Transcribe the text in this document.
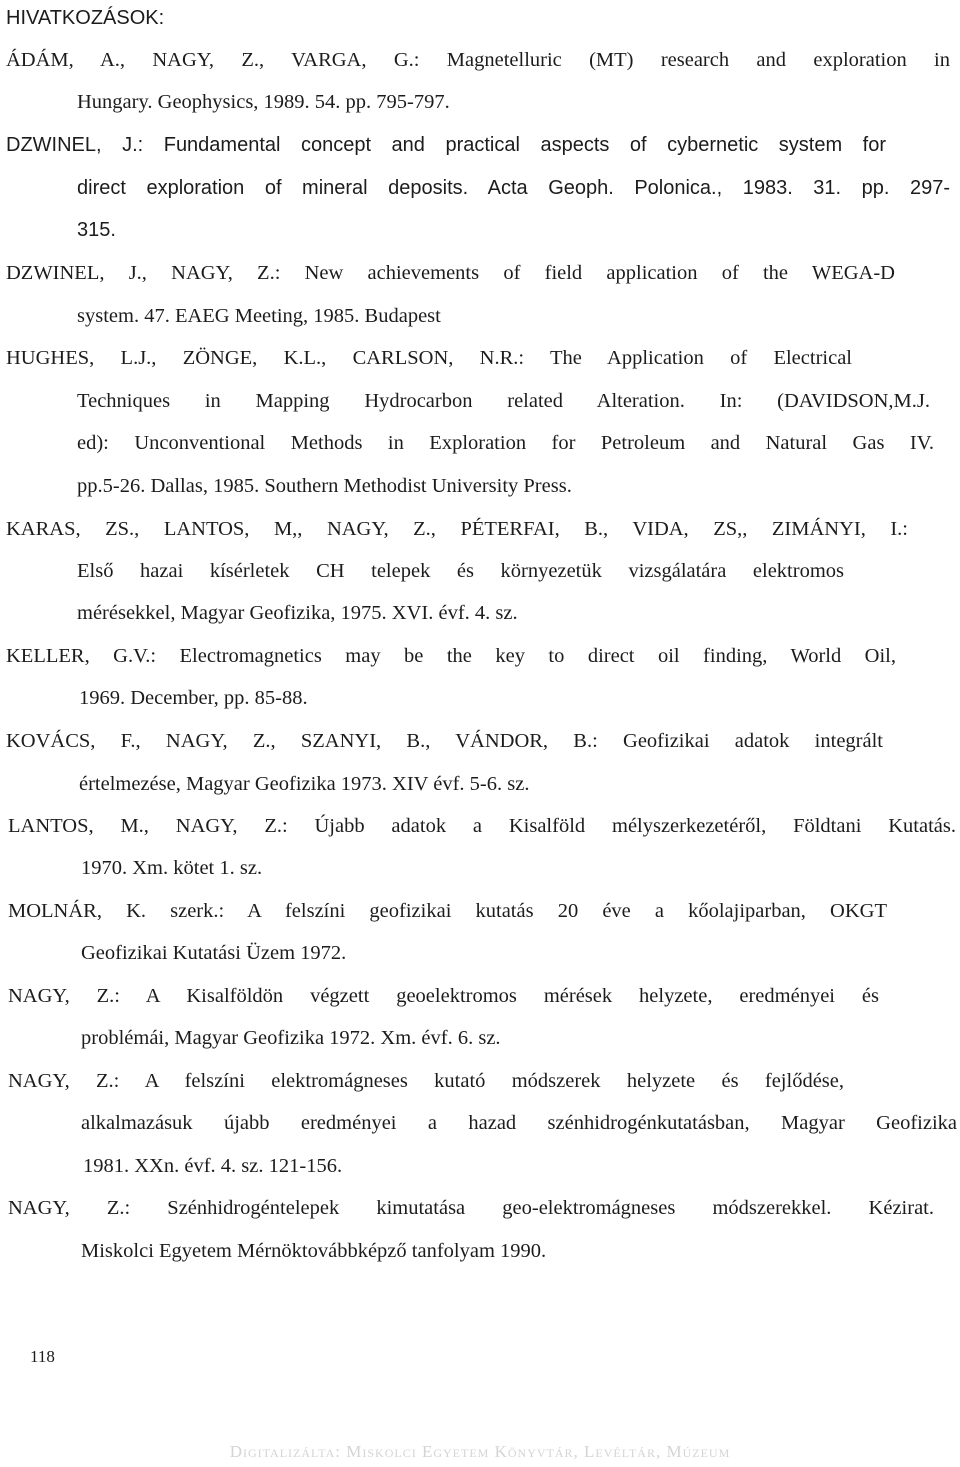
HIVATKOZÁSOK:
ÁDÁM, A., NAGY, Z., VARGA, G.: Magnetelluric (MT) research and exploration in
Hungary. Geophysics, 1989. 54. pp. 795-797.
DZWINEL, J.: Fundamental concept and practical aspects of cybernetic system for
direct exploration of mineral deposits. Acta Geoph. Polonica., 1983. 31. pp. 297-
315.
DZWINEL, J., NAGY, Z.: New achievements of field application of the WEGA-D
system. 47. EAEG Meeting, 1985. Budapest
HUGHES, L.J., ZÖNGE, K.L., CARLSON, N.R.: The Application of Electrical
Techniques in Mapping Hydrocarbon related Alteration. In: (DAVIDSON,M.J.
ed): Unconventional Methods in Exploration for Petroleum and Natural Gas IV.
pp.5-26. Dallas, 1985. Southern Methodist University Press.
KARAS, ZS., LANTOS, M,, NAGY, Z., PÉTERFAI, B., VIDA, ZS,, ZIMÁNYI, I.:
Első hazai kísérletek CH telepek és környezetük vizsgálatára elektromos
mérésekkel, Magyar Geofizika, 1975. XVI. évf. 4. sz.
KELLER, G.V.: Electromagnetics may be the key to direct oil finding, World Oil,
1969. December, pp. 85-88.
KOVÁCS, F., NAGY, Z., SZANYI, B., VÁNDOR, B.: Geofizikai adatok integrált
értelmezése, Magyar Geofizika 1973. XIV évf. 5-6. sz.
LANTOS, M., NAGY, Z.: Újabb adatok a Kisalföld mélyszerkezetéről, Földtani Kutatás.
1970. Xm. kötet 1. sz.
MOLNÁR, K. szerk.: A felszíni geofizikai kutatás 20 éve a kőolajiparban, OKGT
Geofizikai Kutatási Üzem 1972.
NAGY, Z.: A Kisalföldön végzett geoelektromos mérések helyzete, eredményei és
problémái, Magyar Geofizika 1972. Xm. évf. 6. sz.
NAGY, Z.: A felszíni elektromágneses kutató módszerek helyzete és fejlődése,
alkalmazásuk újabb eredményei a hazad szénhidrogénkutatásban, Magyar Geofizika
1981. XXn. évf. 4. sz. 121-156.
NAGY, Z.: Szénhidrogéntelepek kimutatása geo-elektromágneses módszerekkel. Kézirat.
Miskolci Egyetem Mérnöktovábbképző tanfolyam 1990.
118
Digitalizálta: Miskolci Egyetem Könyvtár, Levéltár, Múzeum
